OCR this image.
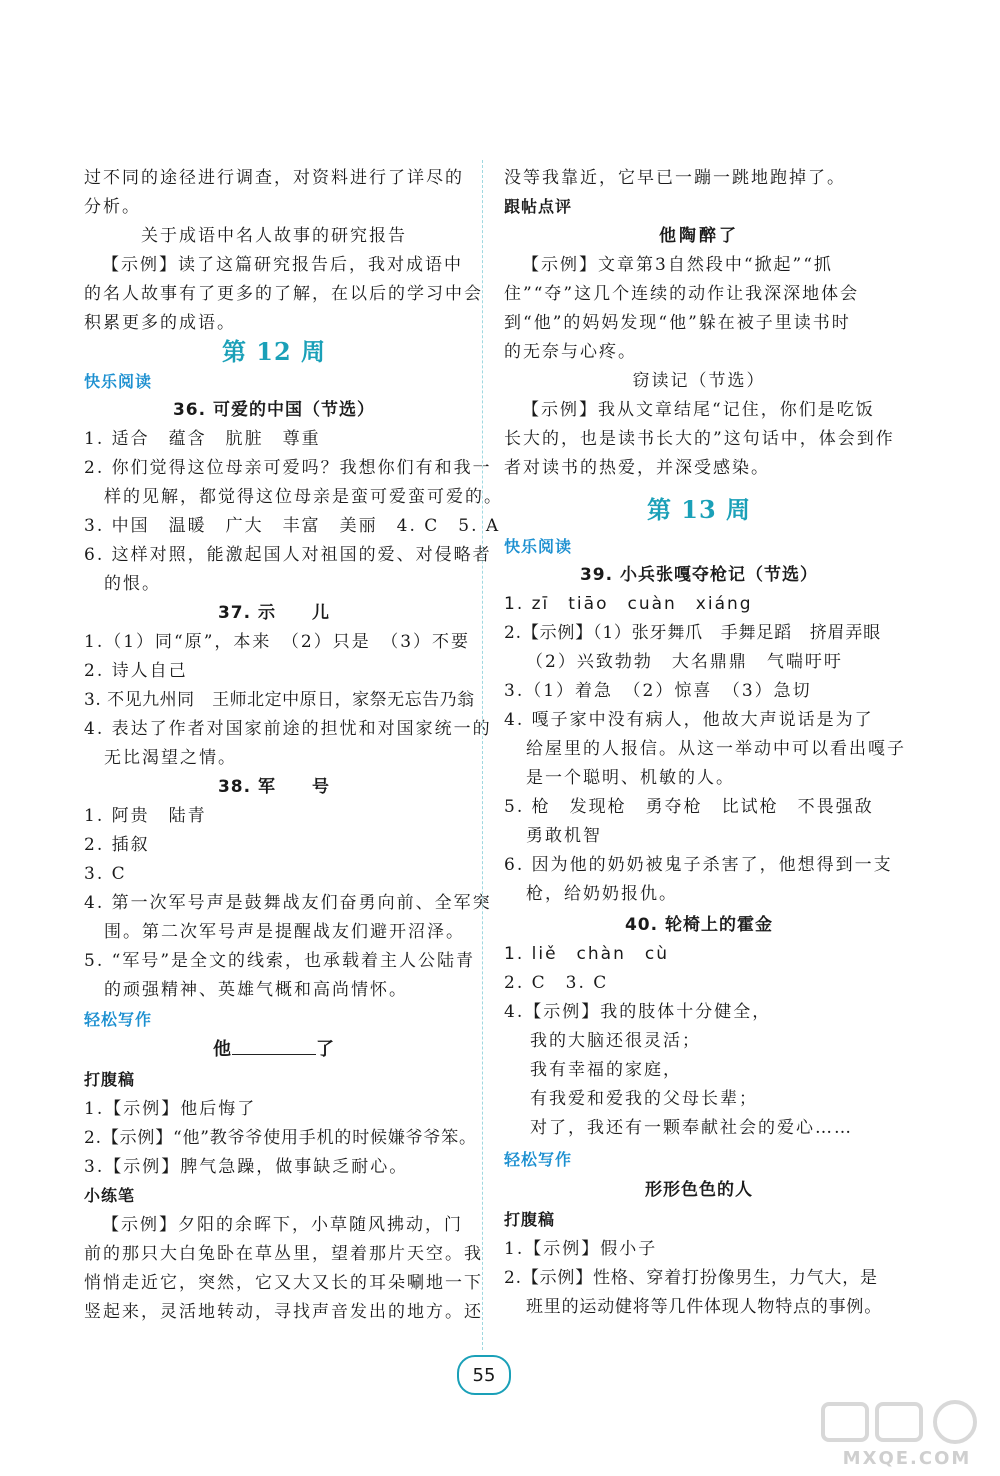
过不同的途径进行调查，对资料进行了详尽的
分析。
关于成语中名人故事的研究报告
【示例】读了这篇研究报告后，我对成语中
的名人故事有了更多的了解，在以后的学习中会
积累更多的成语。
第 12 周
快乐阅读
36. 可爱的中国（节选）
1. 适合　蕴含　肮脏　尊重
2. 你们觉得这位母亲可爱吗？我想你们有和我一
样的见解，都觉得这位母亲是蛮可爱蛮可爱的。
3. 中国　温暖　广大　丰富　美丽　4. C　5. A
6. 这样对照，能激起国人对祖国的爱、对侵略者
的恨。
37. 示　　儿
1.（1）同“原”，本来　（2）只是　（3）不要
2. 诗人自己
3. 不见九州同　王师北定中原日，家祭无忘告乃翁
4. 表达了作者对国家前途的担忧和对国家统一的
无比渴望之情。
38. 军　　号
1. 阿贵　陆青
2. 插叙
3. C
4. 第一次军号声是鼓舞战友们奋勇向前、全军突
围。第二次军号声是提醒战友们避开沼泽。
5. “军号”是全文的线索，也承载着主人公陆青
的顽强精神、英雄气概和高尚情怀。
轻松写作
他	了
打腹稿
1.【示例】他后悔了
2.【示例】“他”教爷爷使用手机的时候嫌爷爷笨。
3.【示例】脾气急躁，做事缺乏耐心。
小练笔
【示例】夕阳的余晖下，小草随风拂动，门
前的那只大白兔卧在草丛里，望着那片天空。我
悄悄走近它，突然，它又大又长的耳朵唰地一下
竖起来，灵活地转动，寻找声音发出的地方。还
没等我靠近，它早已一蹦一跳地跑掉了。
跟帖点评
他陶醉了
【示例】文章第3自然段中“掀起”“抓
住”“夺”这几个连续的动作让我深深地体会
到“他”的妈妈发现“他”躲在被子里读书时
的无奈与心疼。
窃读记（节选）
【示例】我从文章结尾“记住，你们是吃饭
长大的，也是读书长大的”这句话中，体会到作
者对读书的热爱，并深受感染。
第 13 周
快乐阅读
39. 小兵张嘎夺枪记（节选）
1. zī　tiāo　cuàn　xiáng
2.【示例】（1）张牙舞爪　手舞足蹈　挤眉弄眼
（2）兴致勃勃　大名鼎鼎　气喘吁吁
3.（1）着急　（2）惊喜　（3）急切
4. 嘎子家中没有病人，他故大声说话是为了
给屋里的人报信。从这一举动中可以看出嘎子
是一个聪明、机敏的人。
5. 枪　发现枪　勇夺枪　比试枪　不畏强敌
勇敢机智
6. 因为他的奶奶被鬼子杀害了，他想得到一支
枪，给奶奶报仇。
40. 轮椅上的霍金
1. liě　chàn　cù
2. C　3. C
4.【示例】我的肢体十分健全，
我的大脑还很灵活；
我有幸福的家庭，
有我爱和爱我的父母长辈；
对了，我还有一颗奉献社会的爱心……
轻松写作
形形色色的人
打腹稿
1.【示例】假小子
2.【示例】性格、穿着打扮像男生，力气大，是
班里的运动健将等几件体现人物特点的事例。
55
MXQE.COM
